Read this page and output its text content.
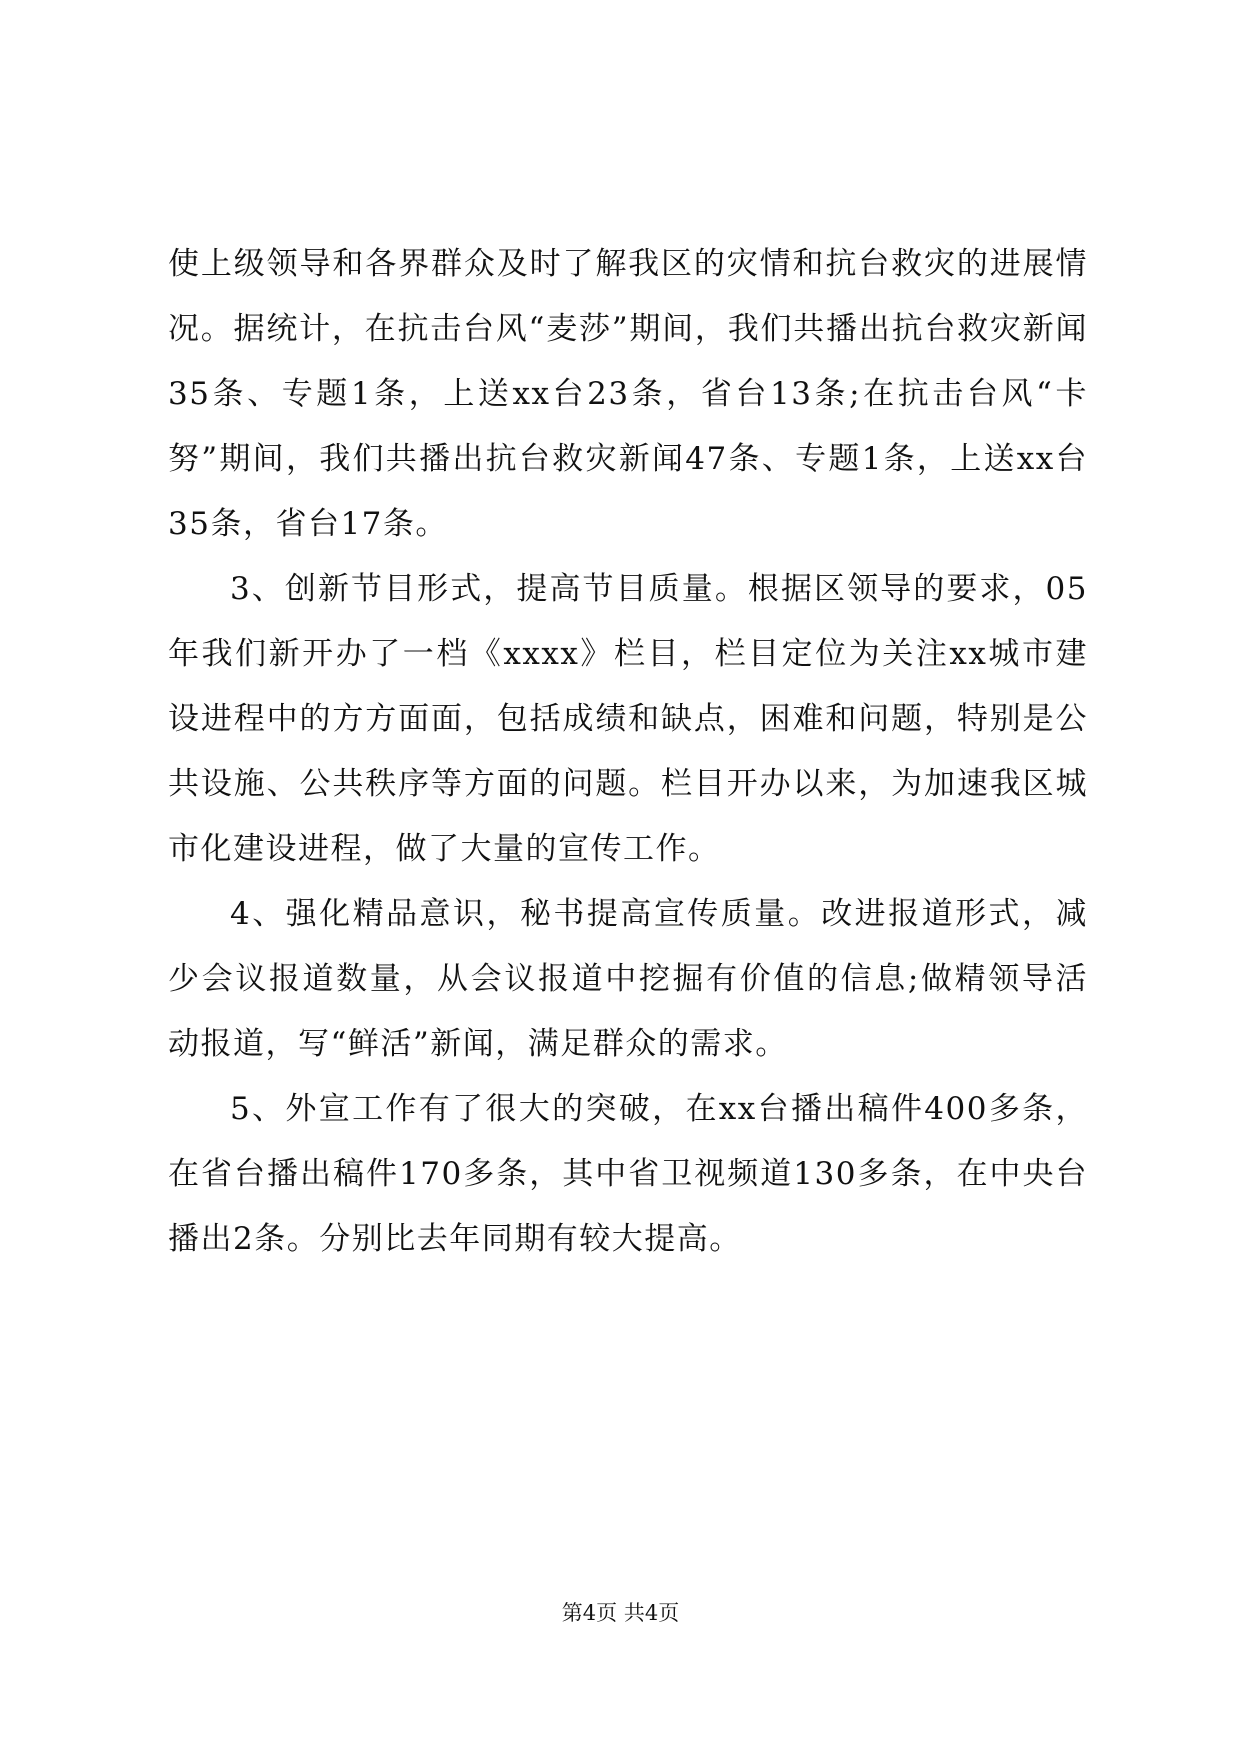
使上级领导和各界群众及时了解我区的灾情和抗台救灾的进展情况。据统计，在抗击台风“麦莎”期间，我们共播出抗台救灾新闻35条、专题1条，上送xx台23条，省台13条;在抗击台风“卡努”期间，我们共播出抗台救灾新闻47条、专题1条，上送xx台35条，省台17条。

3、创新节目形式，提高节目质量。根据区领导的要求，05年我们新开办了一档《xxxx》栏目，栏目定位为关注xx城市建设进程中的方方面面，包括成绩和缺点，困难和问题，特别是公共设施、公共秩序等方面的问题。栏目开办以来，为加速我区城市化建设进程，做了大量的宣传工作。

4、强化精品意识，秘书提高宣传质量。改进报道形式，减少会议报道数量，从会议报道中挖掘有价值的信息;做精领导活动报道，写“鲜活”新闻，满足群众的需求。

5、外宣工作有了很大的突破，在xx台播出稿件400多条，在省台播出稿件170多条，其中省卫视频道130多条，在中央台播出2条。分别比去年同期有较大提高。

第4页 共4页
